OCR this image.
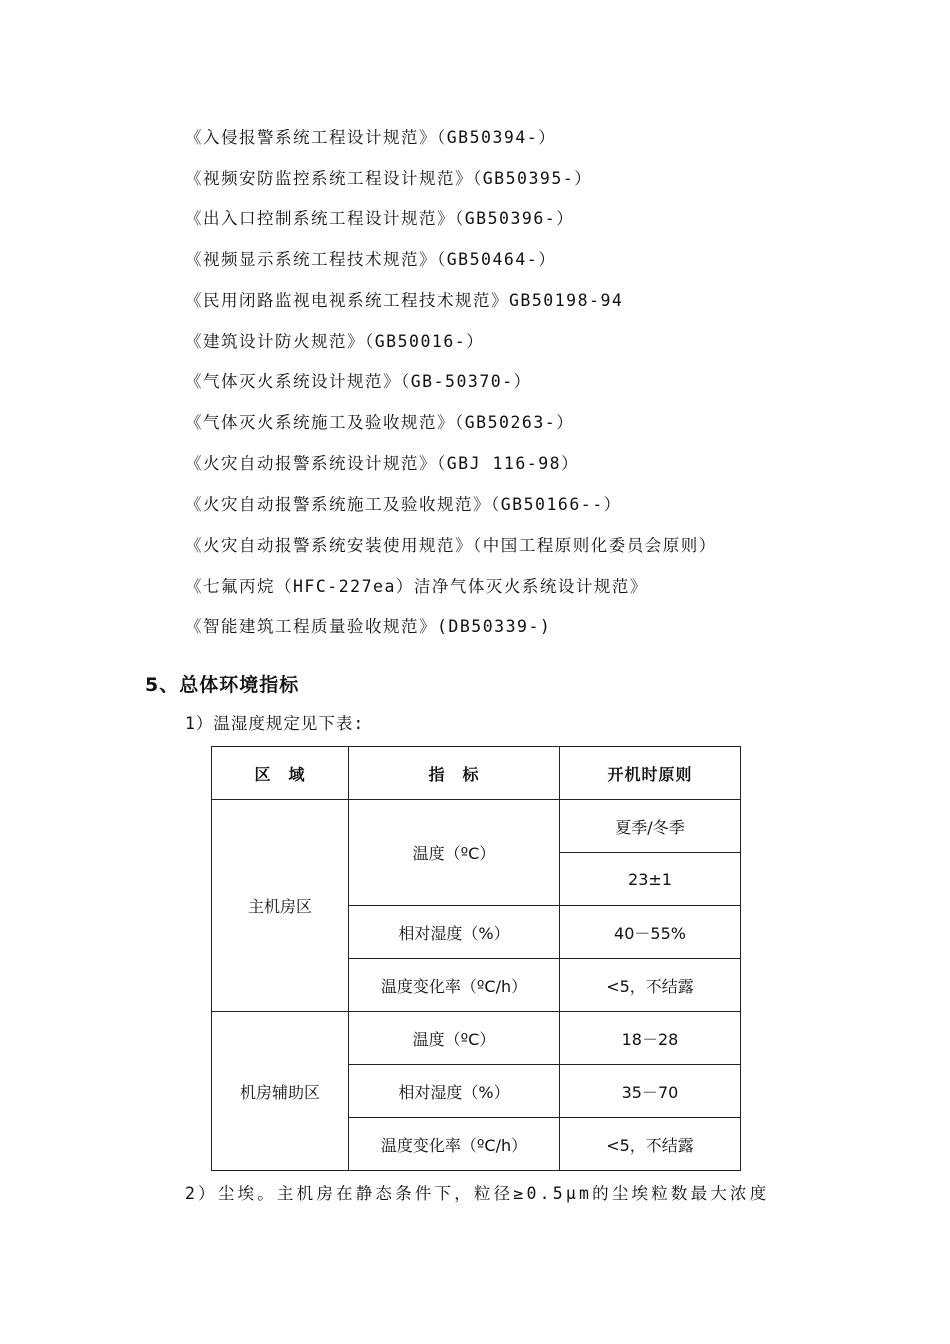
《入侵报警系统工程设计规范》（GB50394-）
《视频安防监控系统工程设计规范》（GB50395-）
《出入口控制系统工程设计规范》（GB50396-）
《视频显示系统工程技术规范》（GB50464-）
《民用闭路监视电视系统工程技术规范》GB50198-94
《建筑设计防火规范》（GB50016-）
《气体灭火系统设计规范》（GB-50370-）
《气体灭火系统施工及验收规范》（GB50263-）
《火灾自动报警系统设计规范》（GBJ 116-98）
《火灾自动报警系统施工及验收规范》（GB50166--）
《火灾自动报警系统安装使用规范》（中国工程原则化委员会原则）
《七氟丙烷（HFC-227ea）洁净气体灭火系统设计规范》
《智能建筑工程质量验收规范》(DB50339-)
5、总体环境指标
1）温湿度规定见下表:
区　域	指　标	开机时原则
主机房区	温度（ºC）	夏季/冬季
		23±1
	相对湿度（%）	40－55%
	温度变化率（ºC/h）	<5，不结露
机房辅助区	温度（ºC）	18－28
	相对湿度（%）	35－70
	温度变化率（ºC/h）	<5，不结露
2）尘埃。主机房在静态条件下，粒径≥0.5μm的尘埃粒数最大浓度
